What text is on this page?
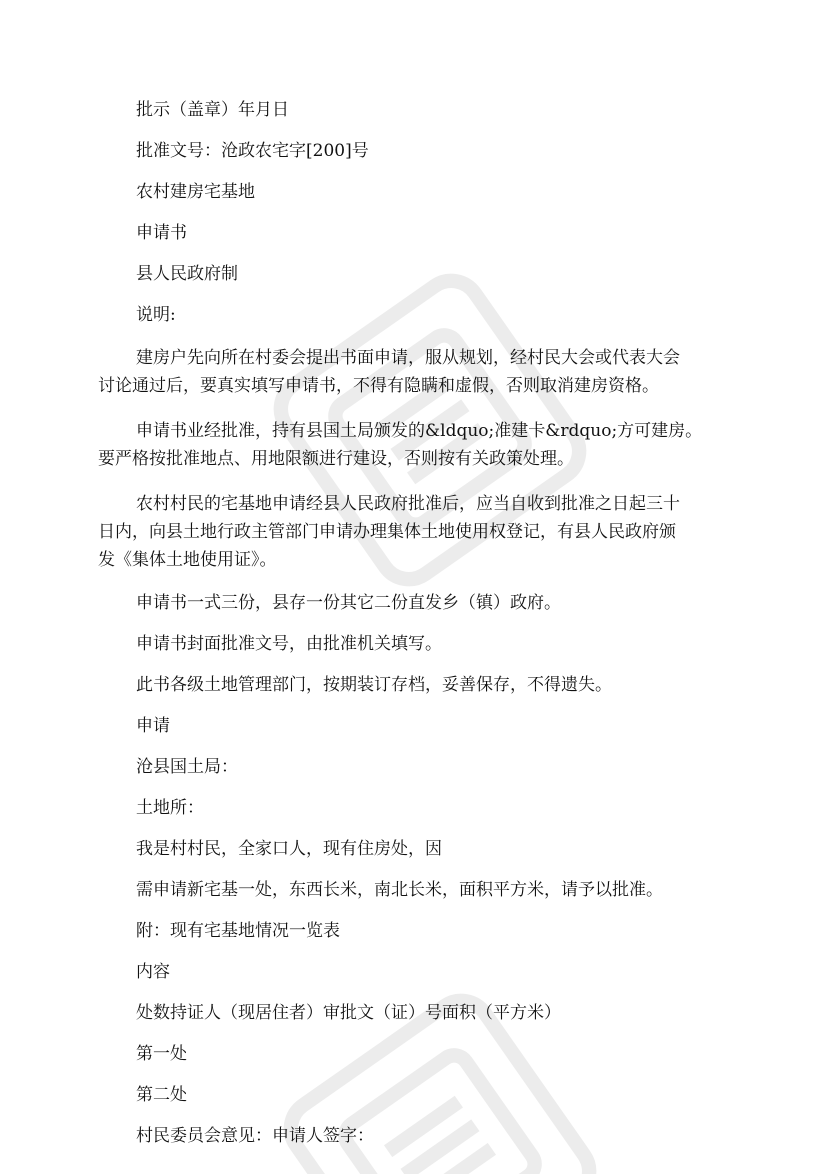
批示（盖章）年月日

批准文号：沧政农宅字[200]号

农村建房宅基地

申请书

县人民政府制

说明:

建房户先向所在村委会提出书面申请，服从规划，经村民大会或代表大会
讨论通过后，要真实填写申请书，不得有隐瞒和虚假，否则取消建房资格。
申请书业经批准，持有县国土局颁发的&ldquo;准建卡&rdquo;方可建房。
要严格按批准地点、用地限额进行建设，否则按有关政策处理。
农村村民的宅基地申请经县人民政府批准后，应当自收到批准之日起三十
日内，向县土地行政主管部门申请办理集体土地使用权登记，有县人民政府颁
发《集体土地使用证》。

申请书一式三份，县存一份其它二份直发乡（镇）政府。

申请书封面批准文号，由批准机关填写。

此书各级土地管理部门，按期装订存档，妥善保存，不得遗失。

申请

沧县国土局：

土地所：

我是村村民，全家口人，现有住房处，因

需申请新宅基一处，东西长米，南北长米，面积平方米，请予以批准。

附：现有宅基地情况一览表

内容

处数持证人（现居住者）审批文（证）号面积（平方米）

第一处

第二处

村民委员会意见：申请人签字：
